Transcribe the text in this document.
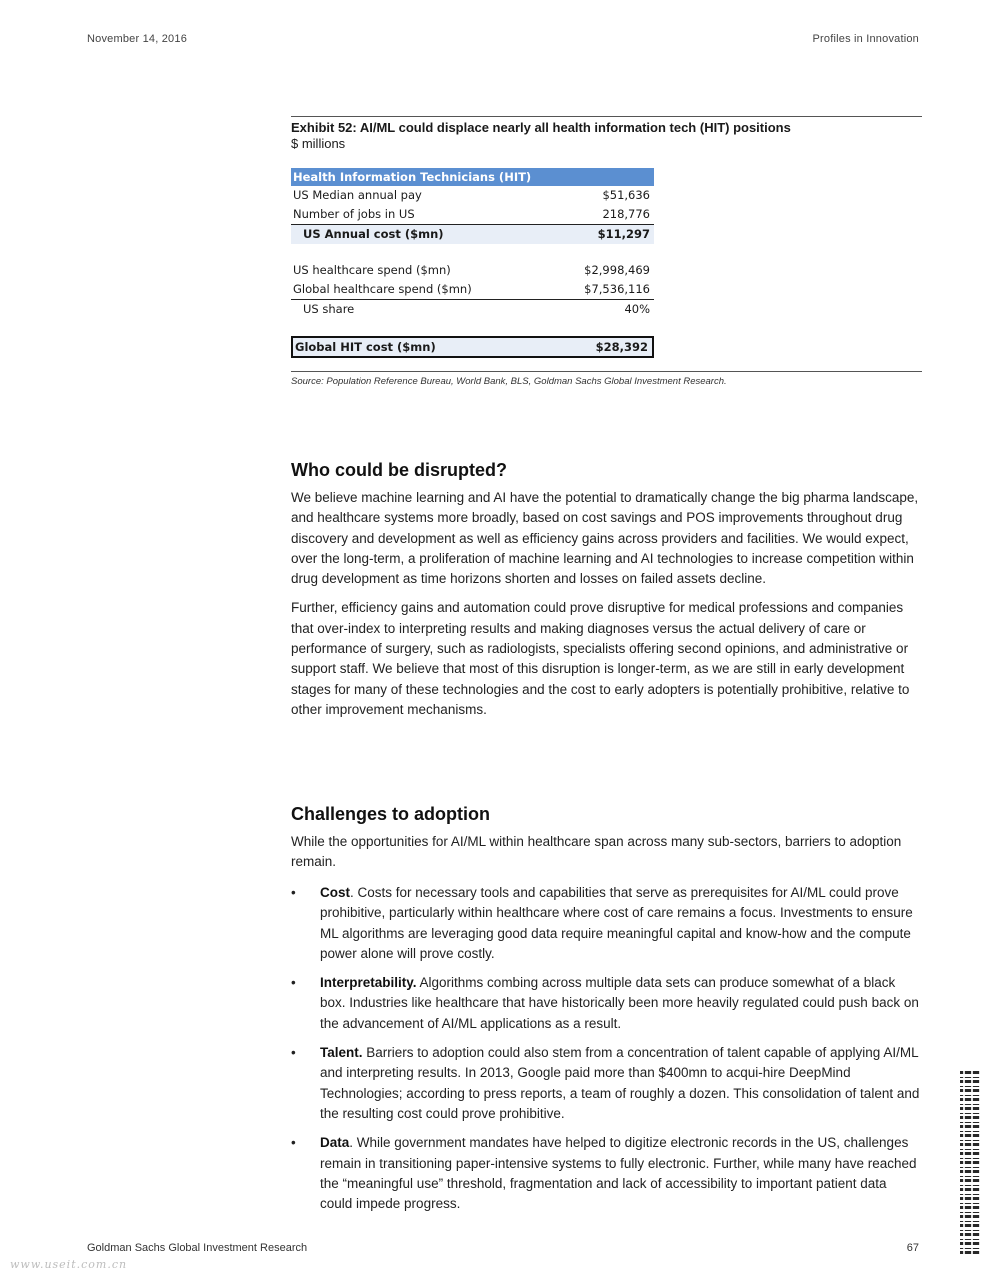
November 14, 2016	Profiles in Innovation
Exhibit 52: AI/ML could displace nearly all health information tech (HIT) positions
$ millions
Health Information Technicians (HIT)
US Median annual pay	$51,636
Number of jobs in US	218,776
US Annual cost ($mn)	$11,297
US healthcare spend ($mn)	$2,998,469
Global healthcare spend ($mn)	$7,536,116
US share	40%
Global HIT cost ($mn)	$28,392
Source: Population Reference Bureau, World Bank, BLS, Goldman Sachs Global Investment Research.
Who could be disrupted?

We believe machine learning and AI have the potential to dramatically change the big pharma landscape, and healthcare systems more broadly, based on cost savings and POS improvements throughout drug discovery and development as well as efficiency gains across providers and facilities. We would expect, over the long-term, a proliferation of machine learning and AI technologies to increase competition within drug development as time horizons shorten and losses on failed assets decline.

Further, efficiency gains and automation could prove disruptive for medical professions and companies that over-index to interpreting results and making diagnoses versus the actual delivery of care or performance of surgery, such as radiologists, specialists offering second opinions, and administrative or support staff. We believe that most of this disruption is longer-term, as we are still in early development stages for many of these technologies and the cost to early adopters is potentially prohibitive, relative to other improvement mechanisms.

Challenges to adoption

While the opportunities for AI/ML within healthcare span across many sub-sectors, barriers to adoption remain.

•	Cost. Costs for necessary tools and capabilities that serve as prerequisites for AI/ML could prove prohibitive, particularly within healthcare where cost of care remains a focus. Investments to ensure ML algorithms are leveraging good data require meaningful capital and know-how and the compute power alone will prove costly.
•	Interpretability. Algorithms combing across multiple data sets can produce somewhat of a black box. Industries like healthcare that have historically been more heavily regulated could push back on the advancement of AI/ML applications as a result.
•	Talent. Barriers to adoption could also stem from a concentration of talent capable of applying AI/ML and interpreting results. In 2013, Google paid more than $400mn to acqui-hire DeepMind Technologies; according to press reports, a team of roughly a dozen. This consolidation of talent and the resulting cost could prove prohibitive.
•	Data. While government mandates have helped to digitize electronic records in the US, challenges remain in transitioning paper-intensive systems to fully electronic. Further, while many have reached the “meaningful use” threshold, fragmentation and lack of accessibility to important patient data could impede progress.
Goldman Sachs Global Investment Research	67
www.useit.com.cn
